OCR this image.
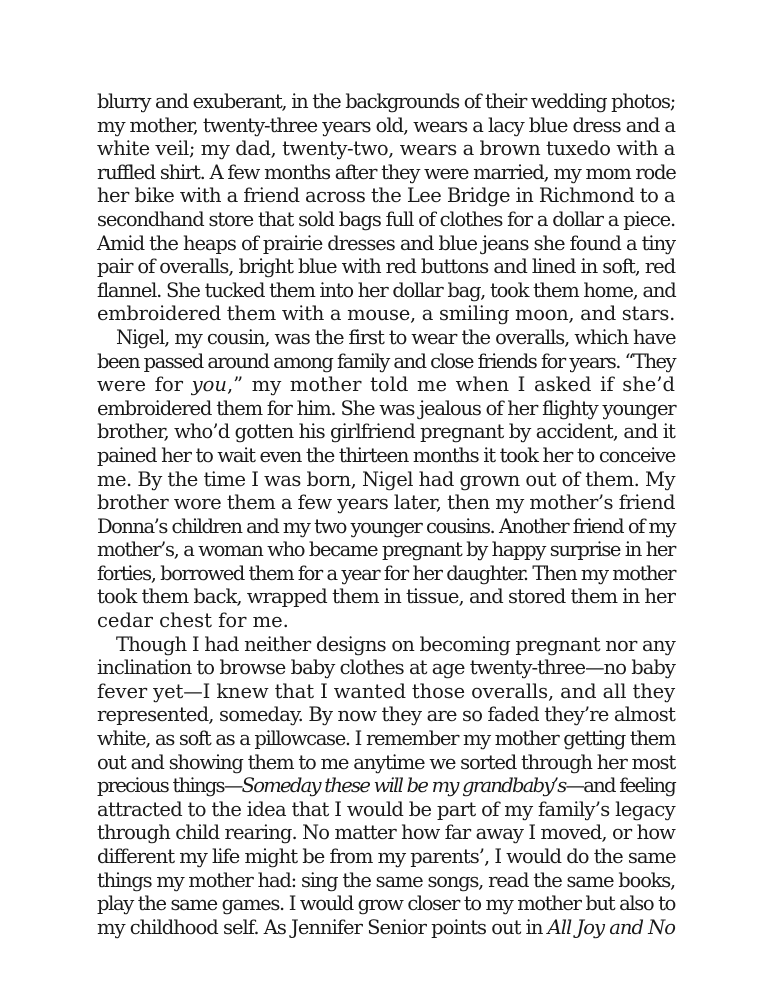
blurry and exuberant, in the backgrounds of their wedding photos;
my mother, twenty-three years old, wears a lacy blue dress and a
white veil; my dad, twenty-two, wears a brown tuxedo with a
ruffled shirt. A few months after they were married, my mom rode
her bike with a friend across the Lee Bridge in Richmond to a
secondhand store that sold bags full of clothes for a dollar a piece.
Amid the heaps of prairie dresses and blue jeans she found a tiny
pair of overalls, bright blue with red buttons and lined in soft, red
flannel. She tucked them into her dollar bag, took them home, and
embroidered them with a mouse, a smiling moon, and stars.
Nigel, my cousin, was the first to wear the overalls, which have
been passed around among family and close friends for years. “They
were for you,” my mother told me when I asked if she’d
embroidered them for him. She was jealous of her flighty younger
brother, who’d gotten his girlfriend pregnant by accident, and it
pained her to wait even the thirteen months it took her to conceive
me. By the time I was born, Nigel had grown out of them. My
brother wore them a few years later, then my mother’s friend
Donna’s children and my two younger cousins. Another friend of my
mother’s, a woman who became pregnant by happy surprise in her
forties, borrowed them for a year for her daughter. Then my mother
took them back, wrapped them in tissue, and stored them in her
cedar chest for me.
Though I had neither designs on becoming pregnant nor any
inclination to browse baby clothes at age twenty-three—no baby
fever yet—I knew that I wanted those overalls, and all they
represented, someday. By now they are so faded they’re almost
white, as soft as a pillowcase. I remember my mother getting them
out and showing them to me anytime we sorted through her most
precious things—Someday these will be my grandbaby’s—and feeling
attracted to the idea that I would be part of my family’s legacy
through child rearing. No matter how far away I moved, or how
different my life might be from my parents’, I would do the same
things my mother had: sing the same songs, read the same books,
play the same games. I would grow closer to my mother but also to
my childhood self. As Jennifer Senior points out in All Joy and No
